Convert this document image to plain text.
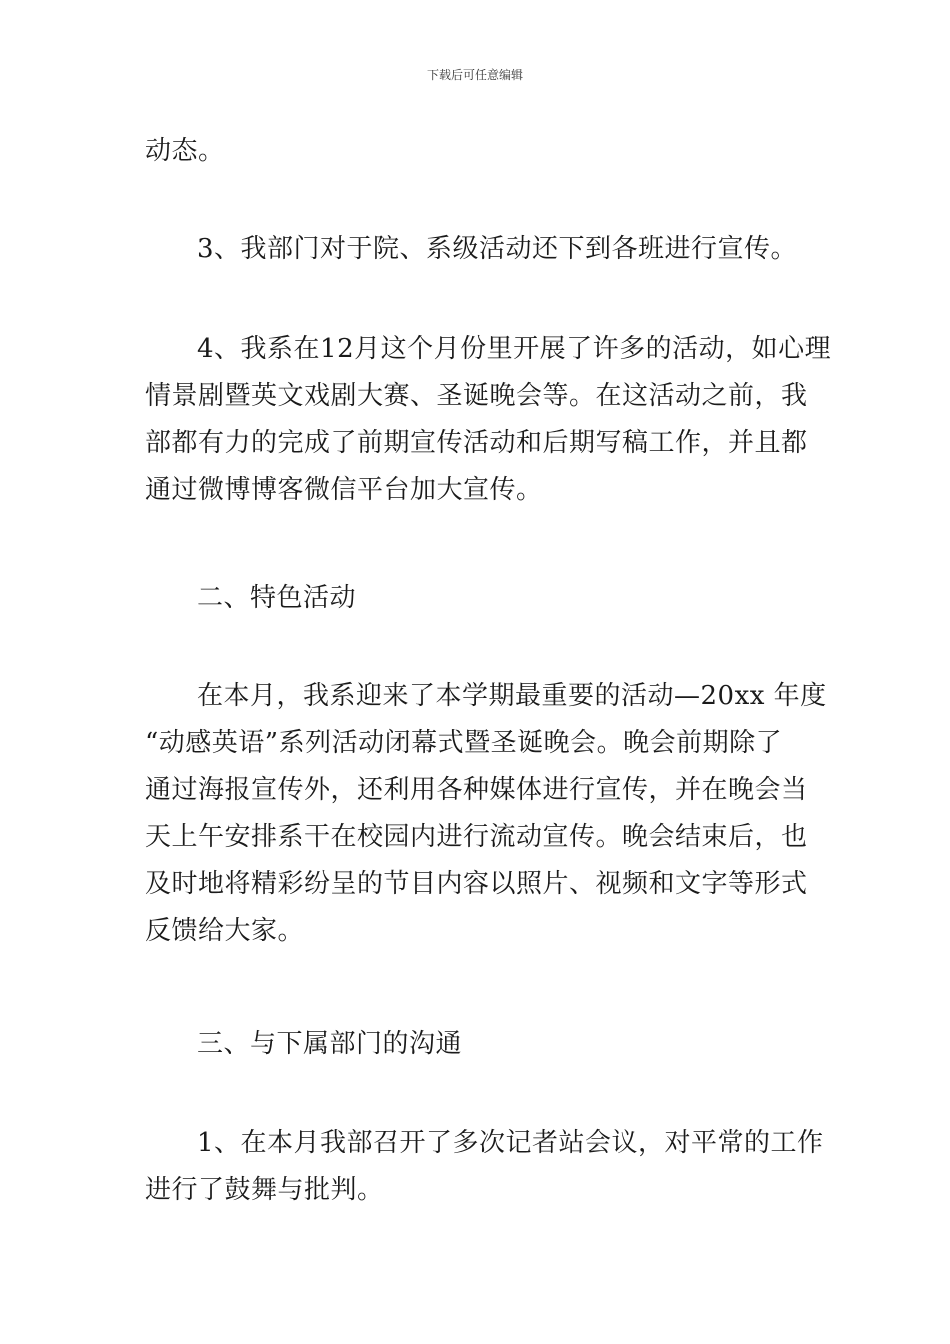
下载后可任意编辑
动态。
3、我部门对于院、系级活动还下到各班进行宣传。
4、我系在12月这个月份里开展了许多的活动，如心理
情景剧暨英文戏剧大赛、圣诞晚会等。在这活动之前，我
部都有力的完成了前期宣传活动和后期写稿工作，并且都
通过微博博客微信平台加大宣传。
二、特色活动
在本月，我系迎来了本学期最重要的活动—20xx 年度
“动感英语”系列活动闭幕式暨圣诞晚会。晚会前期除了
通过海报宣传外，还利用各种媒体进行宣传，并在晚会当
天上午安排系干在校园内进行流动宣传。晚会结束后，也
及时地将精彩纷呈的节目内容以照片、视频和文字等形式
反馈给大家。
三、与下属部门的沟通
1、在本月我部召开了多次记者站会议，对平常的工作
进行了鼓舞与批判。
